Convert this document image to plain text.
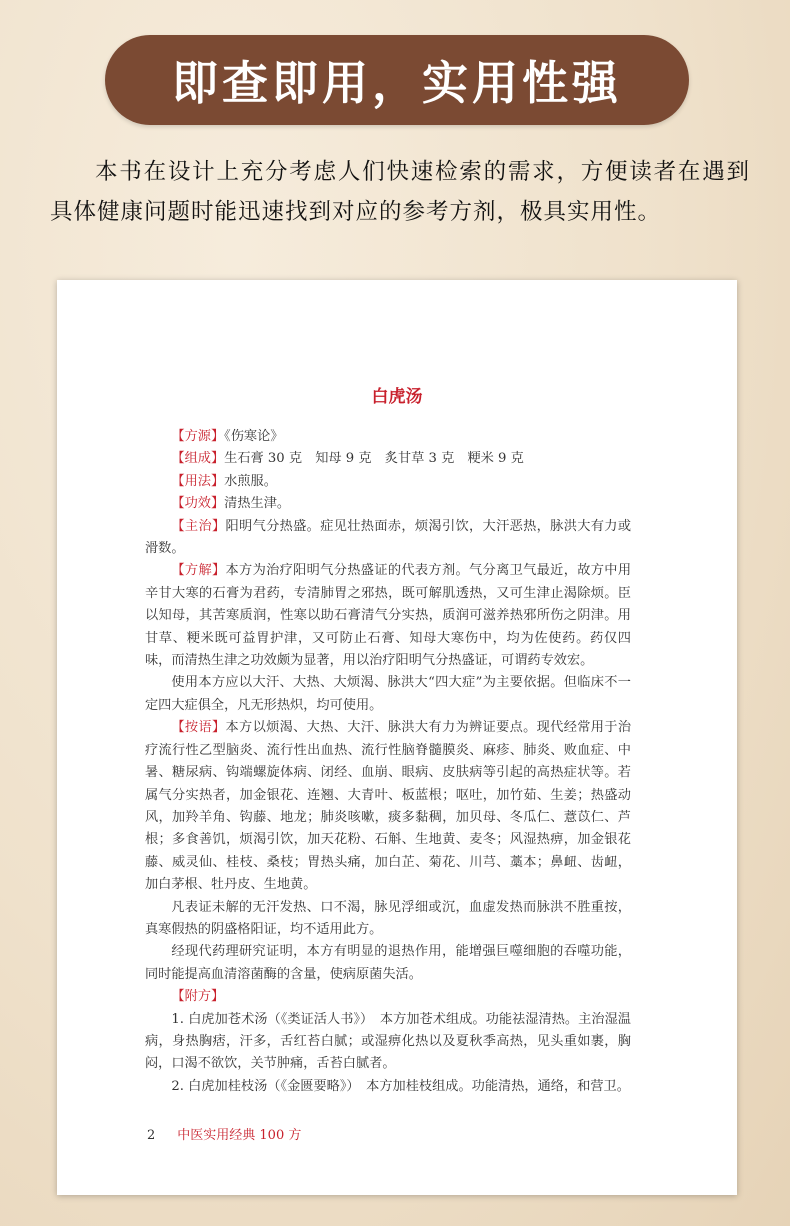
即查即用，实用性强
本书在设计上充分考虑人们快速检索的需求，方便读者在遇到具体健康问题时能迅速找到对应的参考方剂，极具实用性。
白虎汤

【方源】《伤寒论》

【组成】生石膏 30 克　知母 9 克　炙甘草 3 克　粳米 9 克

【用法】水煎服。

【功效】清热生津。

【主治】阳明气分热盛。症见壮热面赤，烦渴引饮，大汗恶热，脉洪大有力或滑数。

【方解】本方为治疗阳明气分热盛证的代表方剂。气分离卫气最近，故方中用辛甘大寒的石膏为君药，专清肺胃之邪热，既可解肌透热，又可生津止渴除烦。臣以知母，其苦寒质润，性寒以助石膏清气分实热，质润可滋养热邪所伤之阴津。用甘草、粳米既可益胃护津，又可防止石膏、知母大寒伤中，均为佐使药。药仅四味，而清热生津之功效颇为显著，用以治疗阳明气分热盛证，可谓药专效宏。

使用本方应以大汗、大热、大烦渴、脉洪大“四大症”为主要依据。但临床不一定四大症俱全，凡无形热炽，均可使用。

【按语】本方以烦渴、大热、大汗、脉洪大有力为辨证要点。现代经常用于治疗流行性乙型脑炎、流行性出血热、流行性脑脊髓膜炎、麻疹、肺炎、败血症、中暑、糖尿病、钩端螺旋体病、闭经、血崩、眼病、皮肤病等引起的高热症状等。若属气分实热者，加金银花、连翘、大青叶、板蓝根；呕吐，加竹茹、生姜；热盛动风，加羚羊角、钩藤、地龙；肺炎咳嗽，痰多黏稠，加贝母、冬瓜仁、薏苡仁、芦根；多食善饥，烦渴引饮，加天花粉、石斛、生地黄、麦冬；风湿热痹，加金银花藤、威灵仙、桂枝、桑枝；胃热头痛，加白芷、菊花、川芎、藁本；鼻衄、齿衄，加白茅根、牡丹皮、生地黄。

凡表证未解的无汗发热、口不渴，脉见浮细或沉，血虚发热而脉洪不胜重按，真寒假热的阴盛格阳证，均不适用此方。

经现代药理研究证明，本方有明显的退热作用，能增强巨噬细胞的吞噬功能，同时能提高血清溶菌酶的含量，使病原菌失活。

【附方】

1. 白虎加苍术汤（《类证活人书》）　本方加苍术组成。功能祛湿清热。主治湿温病，身热胸痞，汗多，舌红苔白腻；或湿痹化热以及夏秋季高热，见头重如裹，胸闷，口渴不欲饮，关节肿痛，舌苔白腻者。

2. 白虎加桂枝汤（《金匮要略》）　本方加桂枝组成。功能清热，通络，和营卫。

2 中医实用经典 100 方
